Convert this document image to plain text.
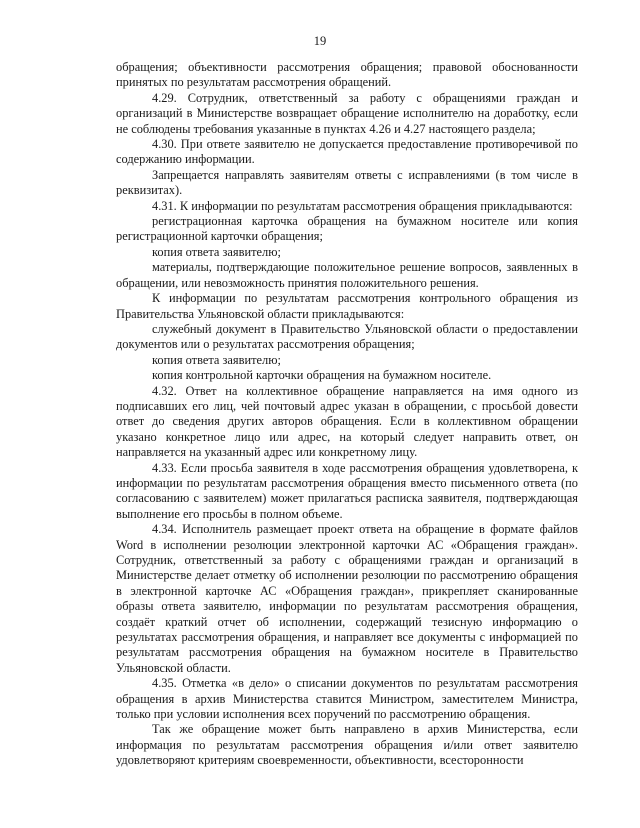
19

обращения; объективности рассмотрения обращения; правовой обоснованности принятых по результатам рассмотрения обращений.

4.29. Сотрудник, ответственный за работу с обращениями граждан и организаций в Министерстве возвращает обращение исполнителю на доработку, если не соблюдены требования указанные в пунктах 4.26 и 4.27 настоящего раздела;

4.30. При ответе заявителю не допускается предоставление противоречивой по содержанию информации.

Запрещается направлять заявителям ответы с исправлениями (в том числе в реквизитах).

4.31. К информации по результатам рассмотрения обращения прикладываются:

регистрационная карточка обращения на бумажном носителе или копия регистрационной карточки обращения;

копия ответа заявителю;

материалы, подтверждающие положительное решение вопросов, заявленных в обращении, или невозможность принятия положительного решения.

К информации по результатам рассмотрения контрольного обращения из Правительства Ульяновской области прикладываются:

служебный документ в Правительство Ульяновской области о предоставлении документов или о результатах рассмотрения обращения;

копия ответа заявителю;

копия контрольной карточки обращения на бумажном носителе.

4.32. Ответ на коллективное обращение направляется на имя одного из подписавших его лиц, чей почтовый адрес указан в обращении, с просьбой довести ответ до сведения других авторов обращения. Если в коллективном обращении указано конкретное лицо или адрес, на который следует направить ответ, он направляется на указанный адрес или конкретному лицу.

4.33. Если просьба заявителя в ходе рассмотрения обращения удовлетворена, к информации по результатам рассмотрения обращения вместо письменного ответа (по согласованию с заявителем) может прилагаться расписка заявителя, подтверждающая выполнение его просьбы в полном объеме.

4.34. Исполнитель размещает проект ответа на обращение в формате файлов Word в исполнении резолюции электронной карточки АС «Обращения граждан». Сотрудник, ответственный за работу с обращениями граждан и организаций в Министерстве делает отметку об исполнении резолюции по рассмотрению обращения в электронной карточке АС «Обращения граждан», прикрепляет сканированные образы ответа заявителю, информации по результатам рассмотрения обращения, создаёт краткий отчет об исполнении, содержащий тезисную информацию о результатах рассмотрения обращения, и направляет все документы с информацией по результатам рассмотрения обращения на бумажном носителе в Правительство Ульяновской области.

4.35. Отметка «в дело» о списании документов по результатам рассмотрения обращения в архив Министерства ставится Министром, заместителем Министра, только при условии исполнения всех поручений по рассмотрению обращения.

Так же обращение может быть направлено в архив Министерства, если информация по результатам рассмотрения обращения и/или ответ заявителю удовлетворяют критериям своевременности, объективности, всесторонности
